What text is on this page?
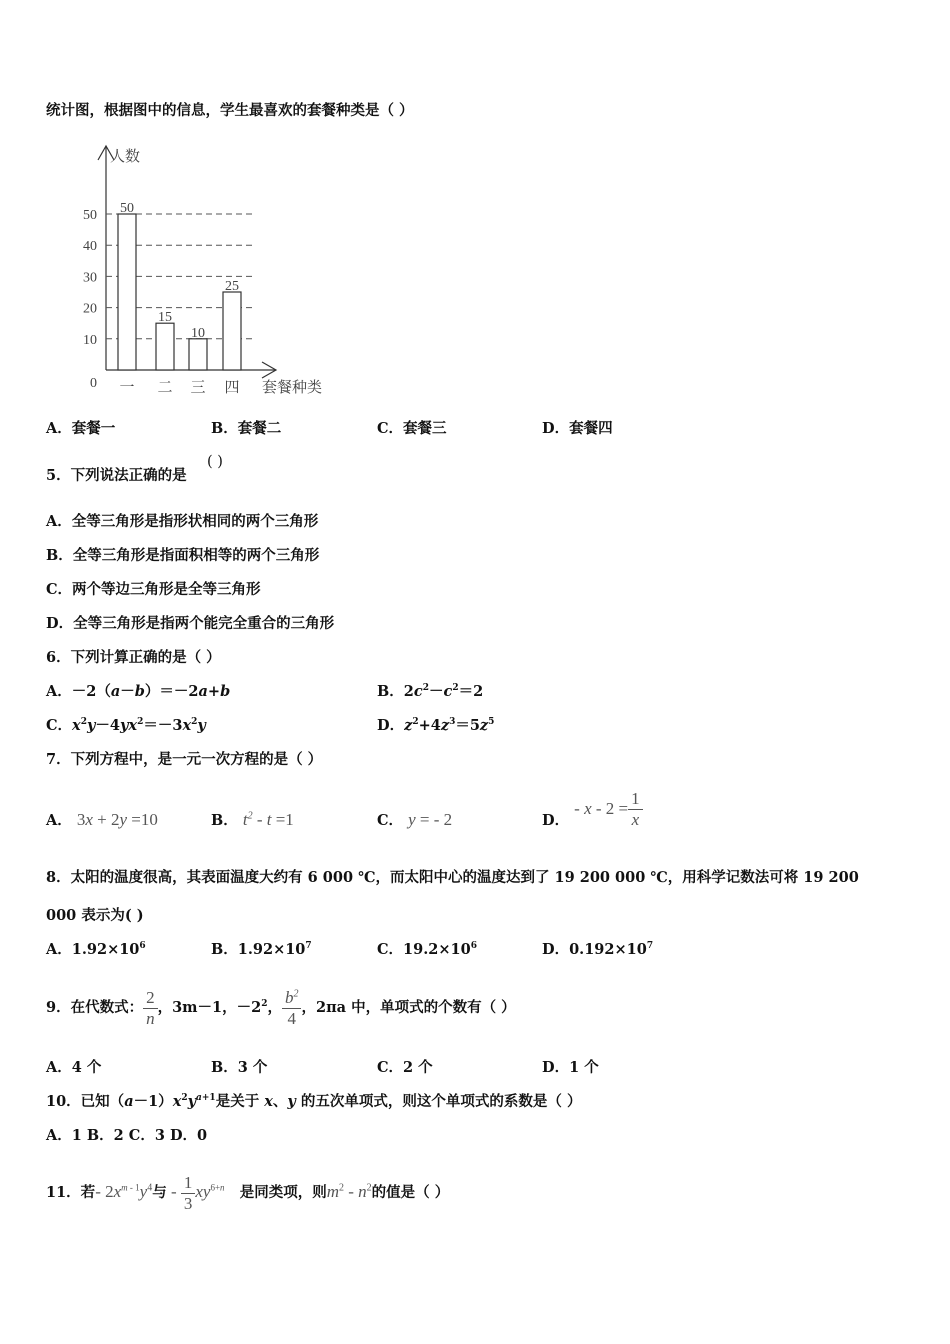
统计图，根据图中的信息，学生最喜欢的套餐种类是（ ）
人数
套餐种类
0
10
20
30
40
50 50
一
15
二
10
三
25
四
A．套餐一	B．套餐二	C．套餐三	D．套餐四
5．下列说法正确的是
( )
A．全等三角形是指形状相同的两个三角形
B．全等三角形是指面积相等的两个三角形
C．两个等边三角形是全等三角形
D．全等三角形是指两个能完全重合的三角形
6．下列计算正确的是（ ）
A．－2（a－b）＝－2a+b	B．$2c^2-c^2=2$
C．$x^2y-4yx^2=-3x^2y$	D．$z^2+4z^3=5z^5$
7．下列方程中，是一元一次方程的是（ ）
A． 3x + 2y =10	B． $t^2 - t =1$	C． y = - 2	D． - $x - 2 = \frac{1}{x}$
8．太阳的温度很高，其表面温度大约有 6 000 ℃，而太阳中心的温度达到了 19 200 000 ℃，用科学记数法可将 19 200
000 表示为( )
A．$1.92\times 10^6$	B．$1.92\times 10^7$	C．$19.2\times 10^6$	D．$0.192\times 10^7$
9．在代数式： $\frac{2}{n}$ ，3m－1，$-2^2$， $\frac{b^2}{4}$ ，2πa 中，单项式的个数有（ ）
A．4 个	B．3 个	C．2 个	D．1 个
10．已知$(a-1)x^2y^{a+1}$是关于 x、y 的五次单项式，则这个单项式的系数是（ ）
A．1 B．2 C．3 D．0
11．若- $2x^{m - 1}y^4$与 - $\frac{1}{3} xy^{6+n}$ 是同类项，则$m^2 - n^2$的值是（ ）
